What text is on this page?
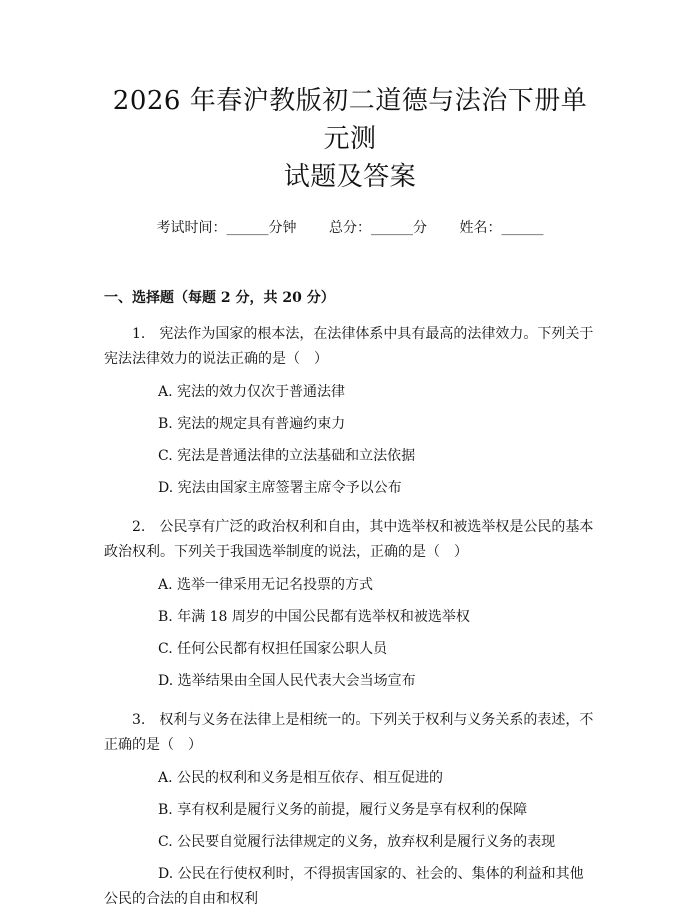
2026 年春沪教版初二道德与法治下册单元测
试题及答案
考试时间：______分钟 总分：______分 姓名：______
一、选择题（每题 2 分，共 20 分）

1.　宪法作为国家的根本法，在法律体系中具有最高的法律效力。下列关于宪法法律效力的说法正确的是（　）

A. 宪法的效力仅次于普通法律
B. 宪法的规定具有普遍约束力
C. 宪法是普通法律的立法基础和立法依据
D. 宪法由国家主席签署主席令予以公布

2.　公民享有广泛的政治权利和自由，其中选举权和被选举权是公民的基本政治权利。下列关于我国选举制度的说法，正确的是（　）

A. 选举一律采用无记名投票的方式
B. 年满 18 周岁的中国公民都有选举权和被选举权
C. 任何公民都有权担任国家公职人员
D. 选举结果由全国人民代表大会当场宣布

3.　权利与义务在法律上是相统一的。下列关于权利与义务关系的表述，不正确的是（　）

A. 公民的权利和义务是相互依存、相互促进的
B. 享有权利是履行义务的前提，履行义务是享有权利的保障
C. 公民要自觉履行法律规定的义务，放弃权利是履行义务的表现
D. 公民在行使权利时，不得损害国家的、社会的、集体的利益和其他公民的合法的自由和权利
